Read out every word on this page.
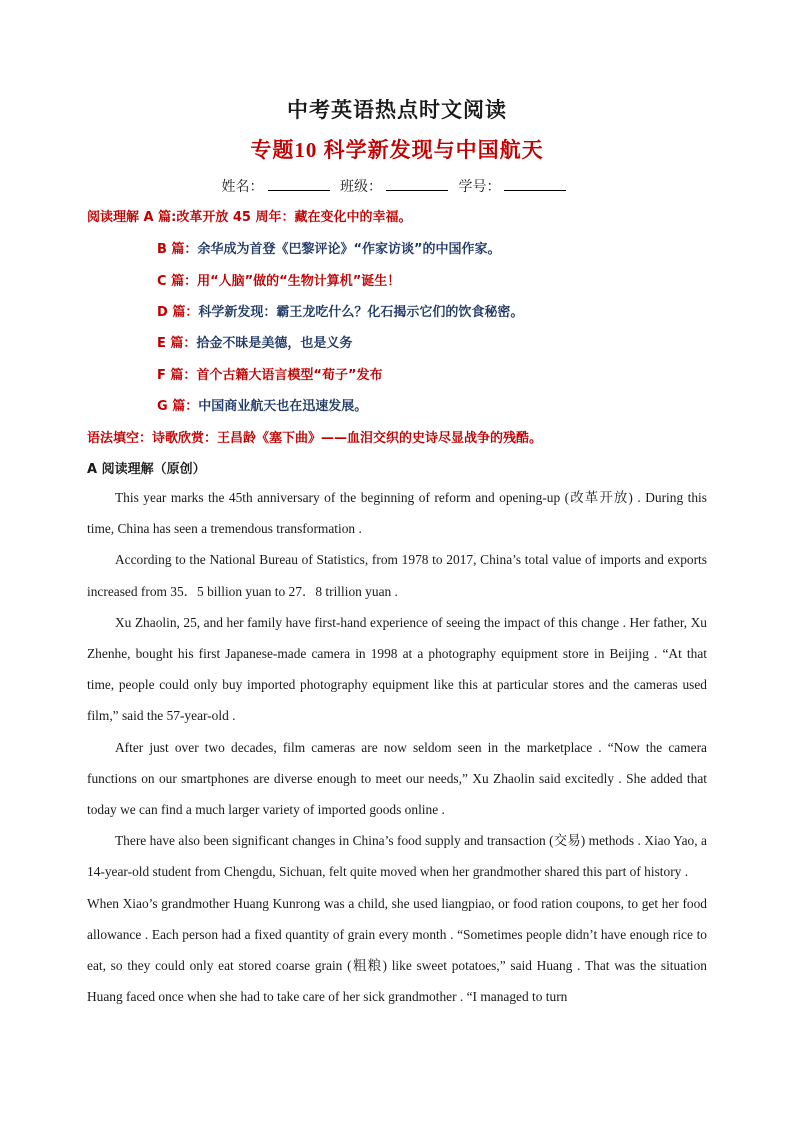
中考英语热点时文阅读
专题10 科学新发现与中国航天
姓名：	班级：	学号：
阅读理解 A 篇:改革开放 45 周年：藏在变化中的幸福。
B 篇：余华成为首登《巴黎评论》“作家访谈”的中国作家。
C 篇：用“人脑”做的“生物计算机”诞生！
D 篇：科学新发现：霸王龙吃什么？化石揭示它们的饮食秘密。
E 篇：拾金不昧是美德，也是义务
F 篇：首个古籍大语言模型“荀子”发布
G 篇：中国商业航天也在迅速发展。
语法填空：诗歌欣赏：王昌龄《塞下曲》——血泪交织的史诗尽显战争的残酷。
A 阅读理解（原创）

This year marks the 45th anniversary of the beginning of reform and opening-up (改革开放) . During this time, China has seen a tremendous transformation .

According to the National Bureau of Statistics, from 1978 to 2017, China’s total value of imports and exports increased from 35．5 billion yuan to 27．8 trillion yuan .

Xu Zhaolin, 25, and her family have first-hand experience of seeing the impact of this change . Her father, Xu Zhenhe, bought his first Japanese-made camera in 1998 at a photography equipment store in Beijing . “At that time, people could only buy imported photography equipment like this at particular stores and the cameras used film,” said the 57-year-old .

After just over two decades, film cameras are now seldom seen in the marketplace . “Now the camera functions on our smartphones are diverse enough to meet our needs,” Xu Zhaolin said excitedly . She added that today we can find a much larger variety of imported goods online .

There have also been significant changes in China’s food supply and transaction (交易) methods . Xiao Yao, a 14-year-old student from Chengdu, Sichuan, felt quite moved when her grandmother shared this part of history .

When Xiao’s grandmother Huang Kunrong was a child, she used liangpiao, or food ration coupons, to get her food allowance . Each person had a fixed quantity of grain every month . “Sometimes people didn’t have enough rice to eat, so they could only eat stored coarse grain (粗粮) like sweet potatoes,” said Huang . That was the situation Huang faced once when she had to take care of her sick grandmother . “I managed to turn
